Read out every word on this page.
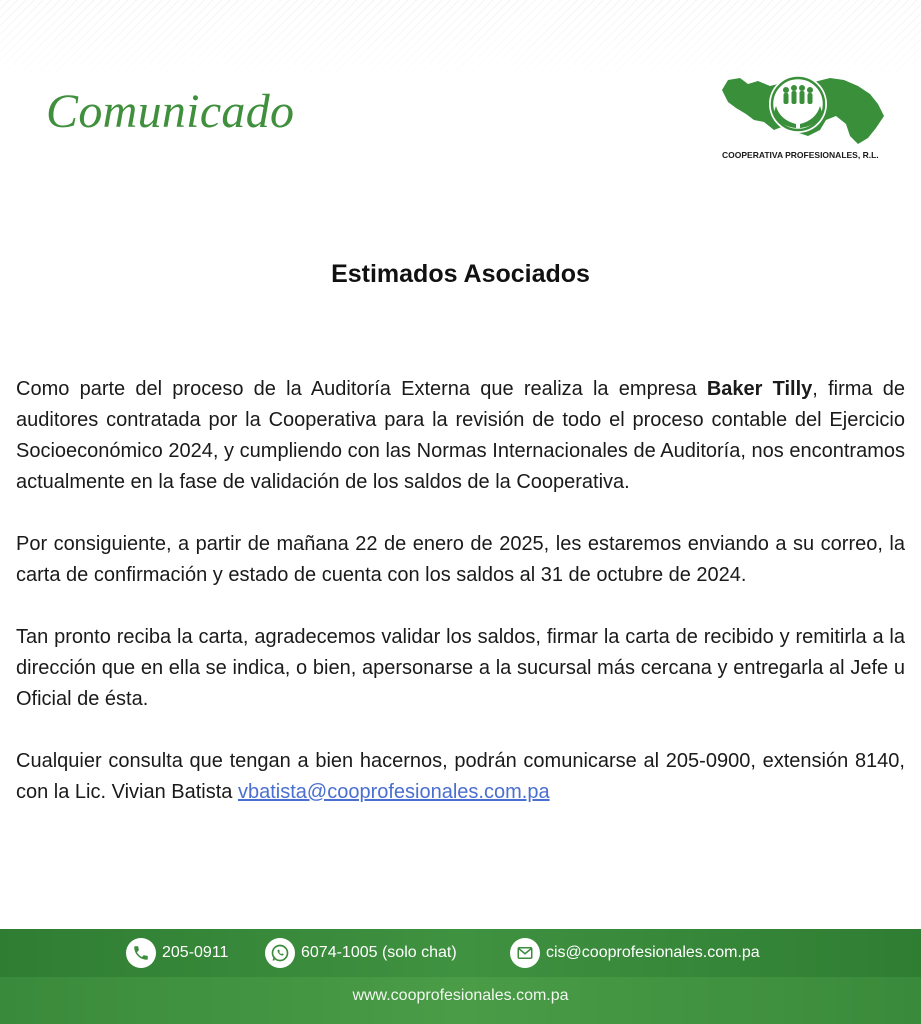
Comunicado
COOPERATIVA PROFESIONALES, R.L.
Estimados Asociados

Como parte del proceso de la Auditoría Externa que realiza la empresa Baker Tilly, firma de auditores contratada por la Cooperativa para la revisión de todo el proceso contable del Ejercicio Socioeconómico 2024, y cumpliendo con las Normas Internacionales de Auditoría, nos encontramos actualmente en la fase de validación de los saldos de la Cooperativa.

Por consiguiente, a partir de mañana 22 de enero de 2025, les estaremos enviando a su correo, la carta de confirmación y estado de cuenta con los saldos al 31 de octubre de 2024.

Tan pronto reciba la carta, agradecemos validar los saldos, firmar la carta de recibido y remitirla a la dirección que en ella se indica, o bien, apersonarse a la sucursal más cercana y entregarla al Jefe u Oficial de ésta.

Cualquier consulta que tengan a bien hacernos, podrán comunicarse al 205-0900, extensión 8140, con la Lic. Vivian Batista vbatista@cooprofesionales.com.pa

205-0911	6074-1005 (solo chat)	cis@cooprofesionales.com.pa
www.cooprofesionales.com.pa
